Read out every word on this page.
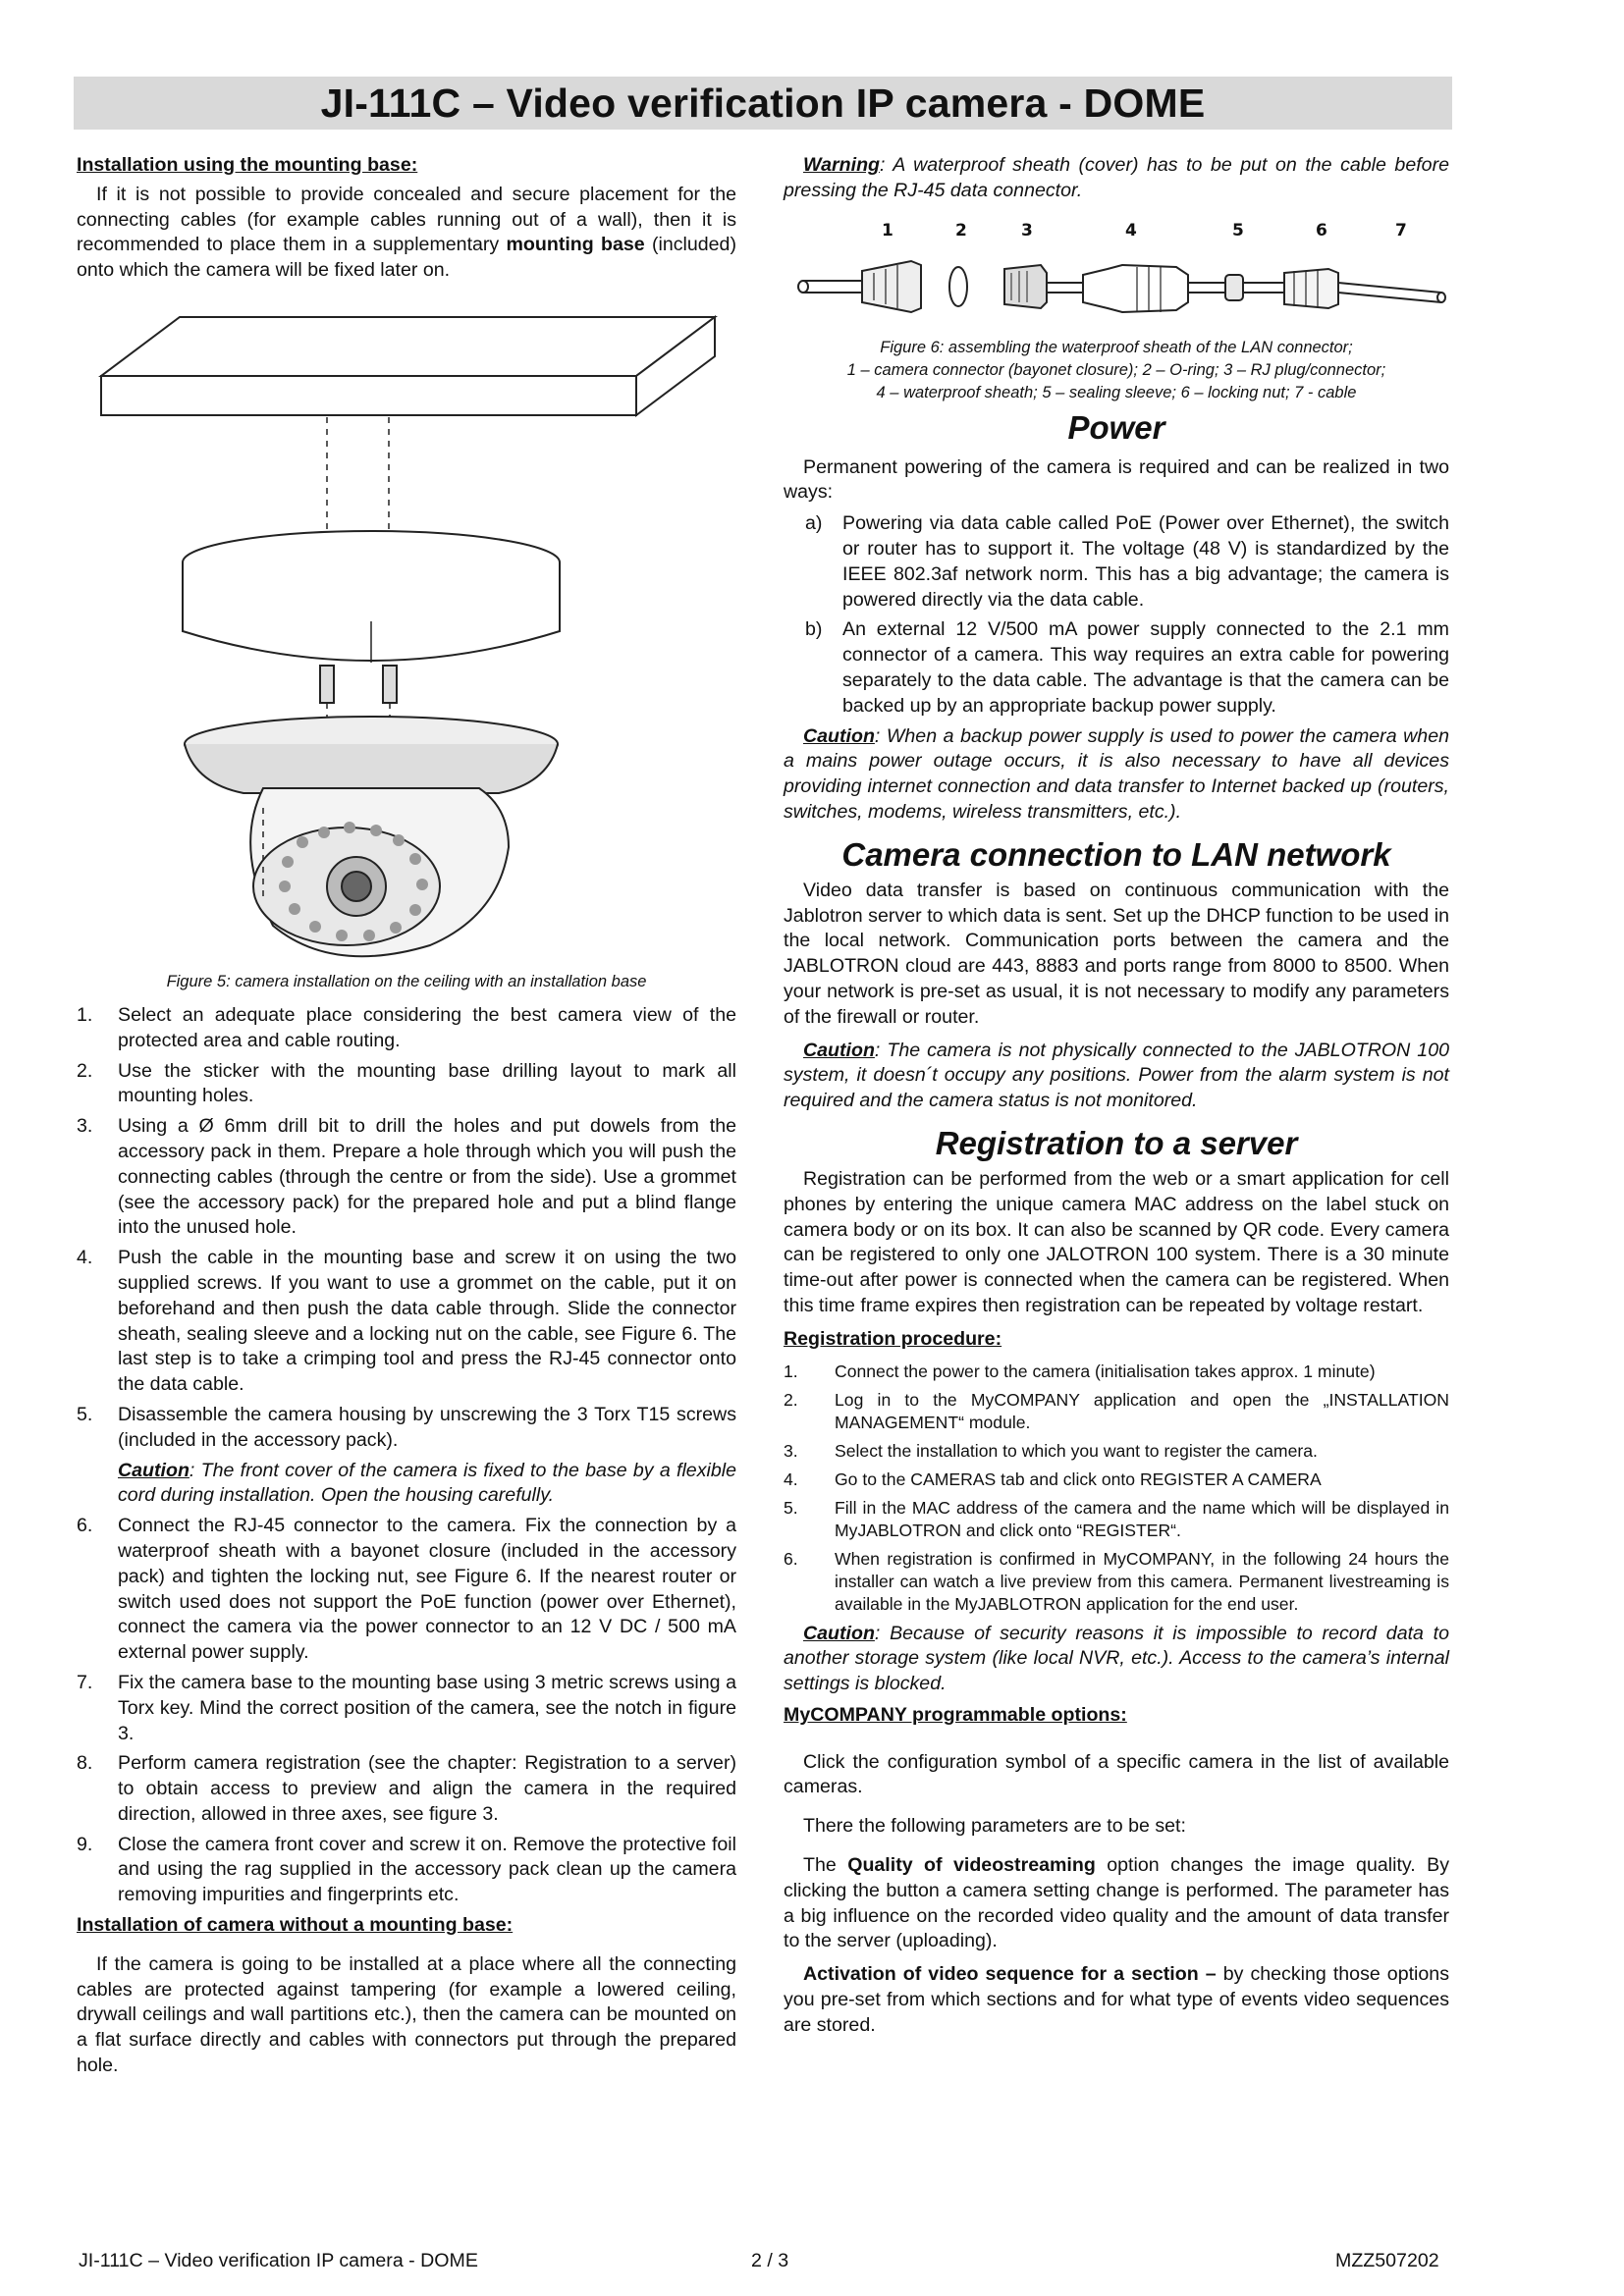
JI-111C – Video verification IP camera - DOME

Installation using the mounting base:

If it is not possible to provide concealed and secure placement for the connecting cables (for example cables running out of a wall), then it is recommended to place them in a supplementary mounting base (included) onto which the camera will be fixed later on.

Figure 5: camera installation on the ceiling with an installation base

1. Select an adequate place considering the best camera view of the protected area and cable routing.
2. Use the sticker with the mounting base drilling layout to mark all mounting holes.
3. Using a Ø 6mm drill bit to drill the holes and put dowels from the accessory pack in them. Prepare a hole through which you will push the connecting cables (through the centre or from the side). Use a grommet (see the accessory pack) for the prepared hole and put a blind flange into the unused hole.
4. Push the cable in the mounting base and screw it on using the two supplied screws. If you want to use a grommet on the cable, put it on beforehand and then push the data cable through. Slide the connector sheath, sealing sleeve and a locking nut on the cable, see Figure 6. The last step is to take a crimping tool and press the RJ-45 connector onto the data cable.
5. Disassemble the camera housing by unscrewing the 3 Torx T15 screws (included in the accessory pack).

Caution: The front cover of the camera is fixed to the base by a flexible cord during installation. Open the housing carefully.

6. Connect the RJ-45 connector to the camera. Fix the connection by a waterproof sheath with a bayonet closure (included in the accessory pack) and tighten the locking nut, see Figure 6. If the nearest router or switch used does not support the PoE function (power over Ethernet), connect the camera via the power connector to an 12 V DC / 500 mA external power supply.
7. Fix the camera base to the mounting base using 3 metric screws using a Torx key. Mind the correct position of the camera, see the notch in figure 3.
8. Perform camera registration (see the chapter: Registration to a server) to obtain access to preview and align the camera in the required direction, allowed in three axes, see figure 3.
9. Close the camera front cover and screw it on. Remove the protective foil and using the rag supplied in the accessory pack clean up the camera removing impurities and fingerprints etc.

Installation of camera without a mounting base:

If the camera is going to be installed at a place where all the connecting cables are protected against tampering (for example a lowered ceiling, drywall ceilings and wall partitions etc.), then the camera can be mounted on a flat surface directly and cables with connectors put through the prepared hole.

Warning: A waterproof sheath (cover) has to be put on the cable before pressing the RJ-45 data connector.

1	2	3	4	5	6	7

Figure 6: assembling the waterproof sheath of the LAN connector;

1 – camera connector (bayonet closure); 2 – O-ring; 3 – RJ plug/connector;

4 – waterproof sheath; 5 – sealing sleeve; 6 – locking nut; 7 - cable

Power

Permanent powering of the camera is required and can be realized in two ways:

a) Powering via data cable called PoE (Power over Ethernet), the switch or router has to support it. The voltage (48 V) is standardized by the IEEE 802.3af network norm. This has a big advantage; the camera is powered directly via the data cable.
b) An external 12 V/500 mA power supply connected to the 2.1 mm connector of a camera. This way requires an extra cable for powering separately to the data cable. The advantage is that the camera can be backed up by an appropriate backup power supply.

Caution: When a backup power supply is used to power the camera when a mains power outage occurs, it is also necessary to have all devices providing internet connection and data transfer to Internet backed up (routers, switches, modems, wireless transmitters, etc.).

Camera connection to LAN network

Video data transfer is based on continuous communication with the Jablotron server to which data is sent. Set up the DHCP function to be used in the local network. Communication ports between the camera and the JABLOTRON cloud are 443, 8883 and ports range from 8000 to 8500. When your network is pre-set as usual, it is not necessary to modify any parameters of the firewall or router.

Caution: The camera is not physically connected to the JABLOTRON 100 system, it doesn´t occupy any positions. Power from the alarm system is not required and the camera status is not monitored.

Registration to a server

Registration can be performed from the web or a smart application for cell phones by entering the unique camera MAC address on the label stuck on camera body or on its box. It can also be scanned by QR code. Every camera can be registered to only one JALOTRON 100 system. There is a 30 minute time-out after power is connected when the camera can be registered. When this time frame expires then registration can be repeated by voltage restart.

Registration procedure:

1. Connect the power to the camera (initialisation takes approx. 1 minute)
2. Log in to the MyCOMPANY application and open the „INSTALLATION MANAGEMENT“ module.
3. Select the installation to which you want to register the camera.
4. Go to the CAMERAS tab and click onto REGISTER A CAMERA
5. Fill in the MAC address of the camera and the name which will be displayed in MyJABLOTRON and click onto “REGISTER“.
6. When registration is confirmed in MyCOMPANY, in the following 24 hours the installer can watch a live preview from this camera. Permanent livestreaming is available in the MyJABLOTRON application for the end user.

Caution: Because of security reasons it is impossible to record data to another storage system (like local NVR, etc.). Access to the camera’s internal settings is blocked.

MyCOMPANY programmable options:

Click the configuration symbol of a specific camera in the list of available cameras.

There the following parameters are to be set:

The Quality of videostreaming option changes the image quality. By clicking the button a camera setting change is performed. The parameter has a big influence on the recorded video quality and the amount of data transfer to the server (uploading).

Activation of video sequence for a section – by checking those options you pre-set from which sections and for what type of events video sequences are stored.

JI-111C – Video verification IP camera - DOME	2 / 3	MZZ507202
